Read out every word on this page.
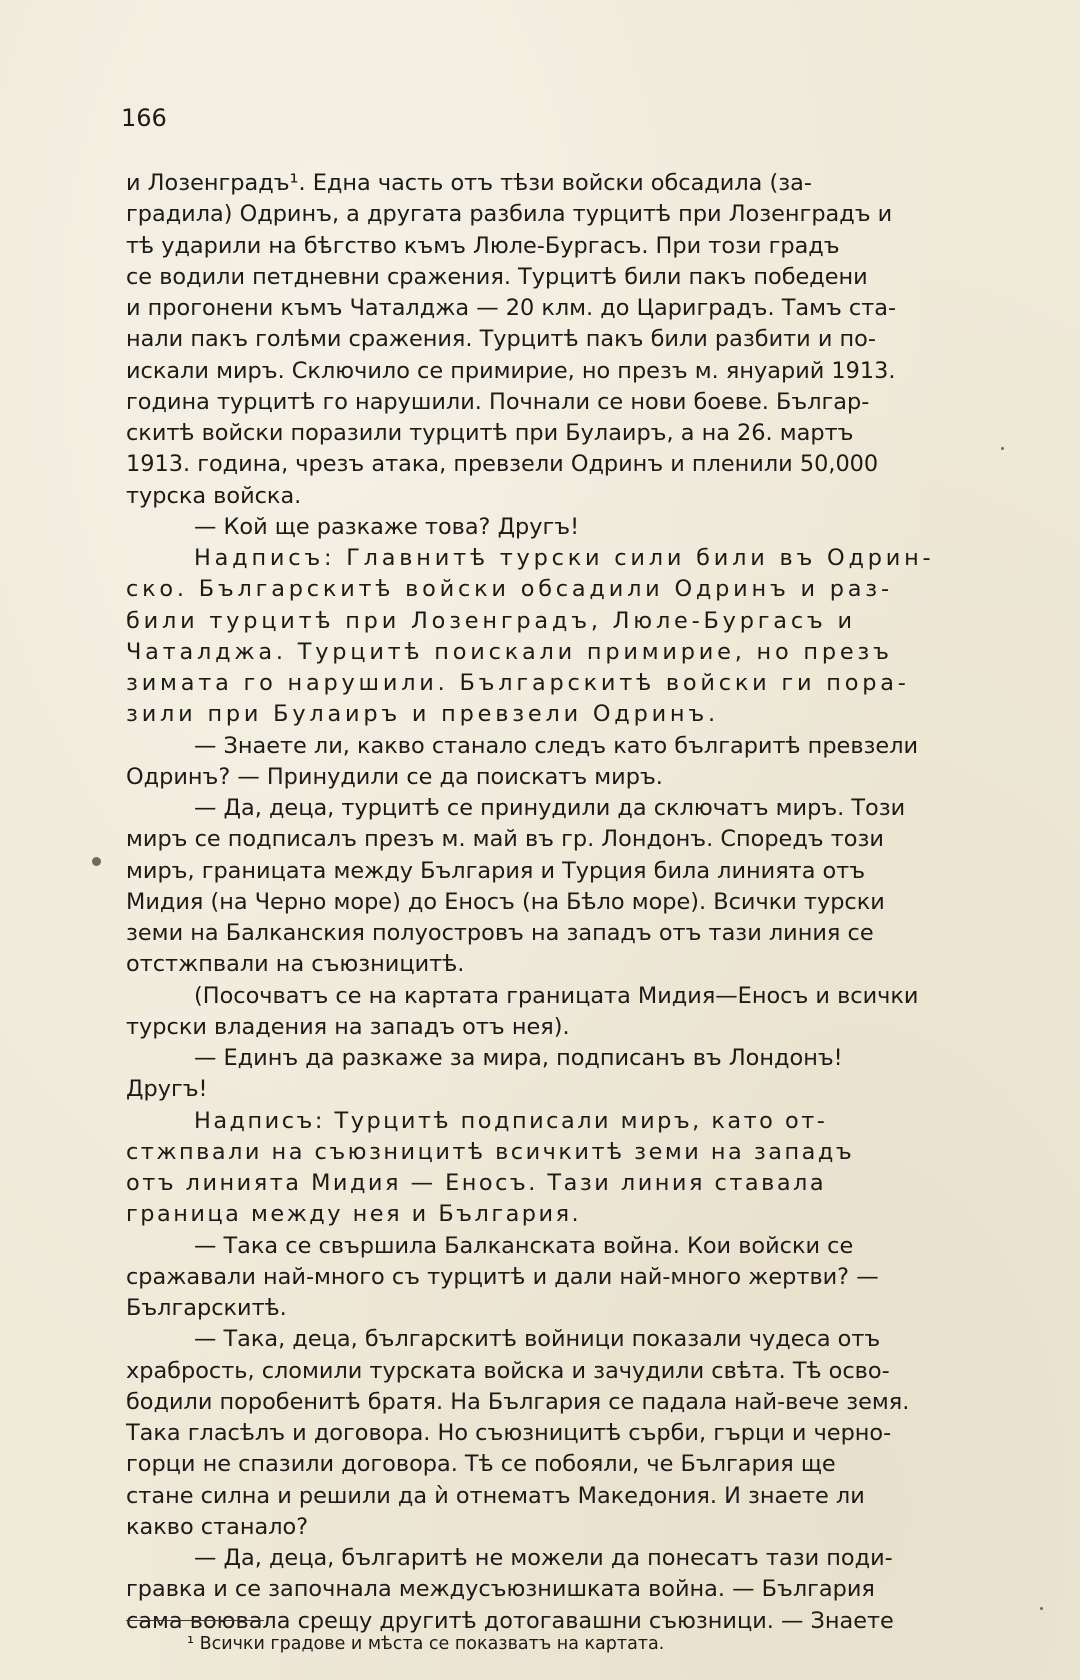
166

и Лозенградъ¹. Една часть отъ тѣзи войски обсадила (за-
градила) Одринъ, а другата разбила турцитѣ при Лозенградъ и
тѣ ударили на бѣгство къмъ Люле-Бургасъ. При този градъ
се водили петдневни сражения. Турцитѣ били пакъ победени
и прогонени къмъ Чаталджа — 20 клм. до Цариградъ. Тамъ ста-
нали пакъ голѣми сражения. Турцитѣ пакъ били разбити и по-
искали миръ. Сключило се примирие, но презъ м. януарий 1913.
година турцитѣ го нарушили. Почнали се нови боеве. Българ-
скитѣ войски поразили турцитѣ при Булаиръ, а на 26. мартъ
1913. година, чрезъ атака, превзели Одринъ и пленили 50,000
турска войска.

— Кой ще разкаже това? Другъ!

Надписъ: Главнитѣ турски сили били въ Одрин-
ско. Българскитѣ войски обсадили Одринъ и раз-
били турцитѣ при Лозенградъ, Люле-Бургасъ и
Чаталджа. Турцитѣ поискали примирие, но презъ
зимата го нарушили. Българскитѣ войски ги пора-
зили при Булаиръ и превзели Одринъ.

— Знаете ли, какво станало следъ като българитѣ превзели
Одринъ? — Принудили се да поискатъ миръ.

— Да, деца, турцитѣ се принудили да сключатъ миръ. Този
миръ се подписалъ презъ м. май въ гр. Лондонъ. Споредъ този
миръ, границата между България и Турция била линията отъ
Мидия (на Черно море) до Еносъ (на Бѣло море). Всички турски
земи на Балканския полуостровъ на западъ отъ тази линия се
отстжпвали на съюзницитѣ.

(Посочватъ се на картата границата Мидия—Еносъ и всички
турски владения на западъ отъ нея).

— Единъ да разкаже за мира, подписанъ въ Лондонъ!
Другъ!

Надписъ: Турцитѣ подписали миръ, като от-
стжпвали на съюзницитѣ всичкитѣ земи на западъ
отъ линията Мидия — Еносъ. Тази линия ставала
граница между нея и България.

— Така се свършила Балканската война. Кои войски се
сражавали най-много съ турцитѣ и дали най-много жертви? —
Българскитѣ.

— Така, деца, българскитѣ войници показали чудеса отъ
храбрость, сломили турската войска и зачудили свѣта. Тѣ осво-
бодили поробенитѣ братя. На България се падала най-вече земя.
Така гласѣлъ и договора. Но съюзницитѣ сърби, гърци и черно-
горци не спазили договора. Тѣ се побояли, че България ще
стане силна и решили да ѝ отнематъ Македония. И знаете ли
какво станало?

— Да, деца, българитѣ не можели да понесатъ тази поди-
гравка и се започнала междусъюзнишката война. — България
сама воювала срещу другитѣ дотогавашни съюзници. — Знаете

¹ Всички градове и мѣста се показватъ на картата.
